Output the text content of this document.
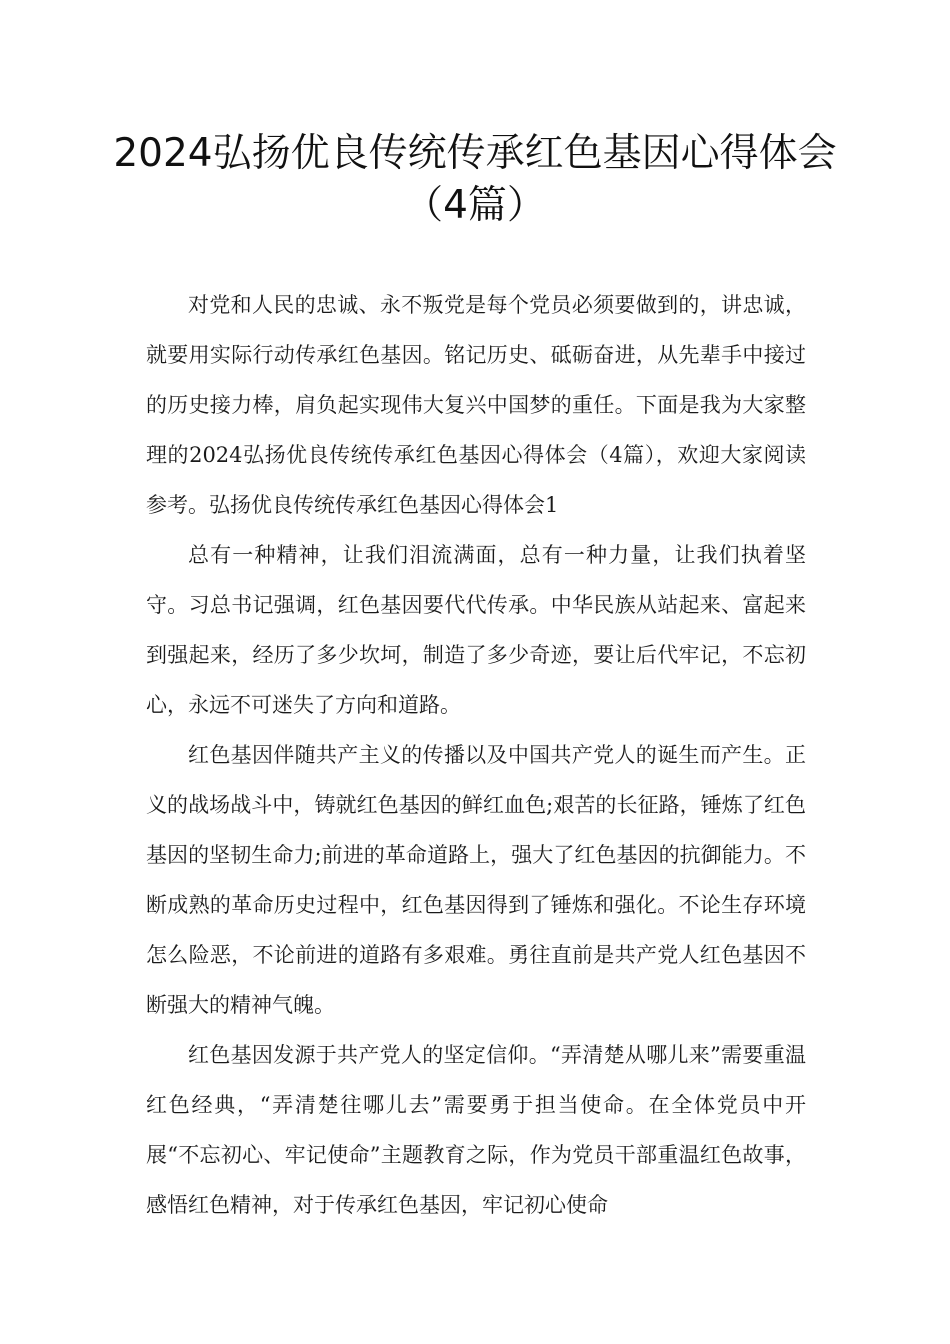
2024弘扬优良传统传承红色基因心得体会（4篇）

对党和人民的忠诚、永不叛党是每个党员必须要做到的，讲忠诚，就要用实际行动传承红色基因。铭记历史、砥砺奋进，从先辈手中接过的历史接力棒，肩负起实现伟大复兴中国梦的重任。下面是我为大家整理的2024弘扬优良传统传承红色基因心得体会（4篇），欢迎大家阅读参考。弘扬优良传统传承红色基因心得体会1

总有一种精神，让我们泪流满面，总有一种力量，让我们执着坚守。习总书记强调，红色基因要代代传承。中华民族从站起来、富起来到强起来，经历了多少坎坷，制造了多少奇迹，要让后代牢记，不忘初心，永远不可迷失了方向和道路。

红色基因伴随共产主义的传播以及中国共产党人的诞生而产生。正义的战场战斗中，铸就红色基因的鲜红血色;艰苦的长征路，锤炼了红色基因的坚韧生命力;前进的革命道路上，强大了红色基因的抗御能力。不断成熟的革命历史过程中，红色基因得到了锤炼和强化。不论生存环境怎么险恶，不论前进的道路有多艰难。勇往直前是共产党人红色基因不断强大的精神气魄。

红色基因发源于共产党人的坚定信仰。“弄清楚从哪儿来”需要重温红色经典，“弄清楚往哪儿去”需要勇于担当使命。在全体党员中开展“不忘初心、牢记使命”主题教育之际，作为党员干部重温红色故事，感悟红色精神，对于传承红色基因，牢记初心使命
